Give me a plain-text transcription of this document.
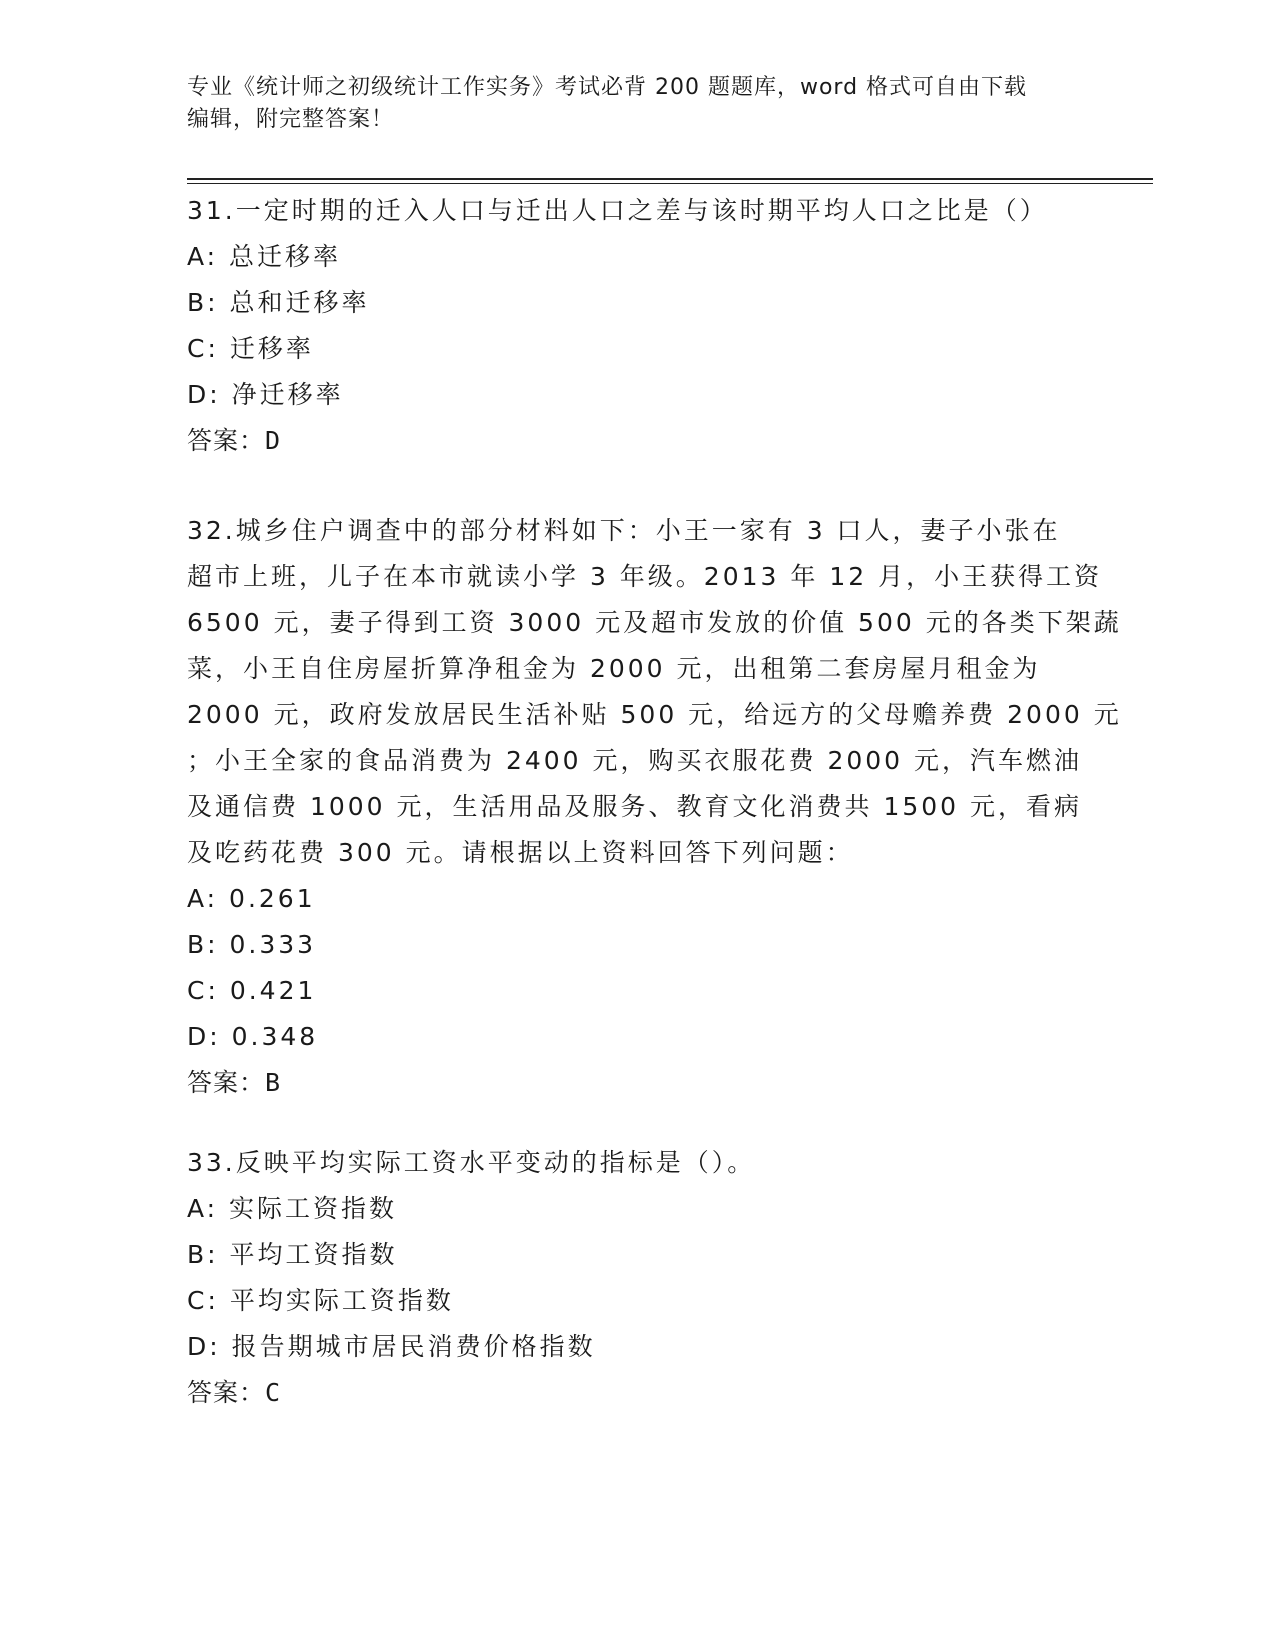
专业《统计师之初级统计工作实务》考试必背 200 题题库，word 格式可自由下载
编辑，附完整答案！
31.一定时期的迁入人口与迁出人口之差与该时期平均人口之比是（）
A: 总迁移率
B: 总和迁移率
C: 迁移率
D: 净迁移率
答案：D
32.城乡住户调查中的部分材料如下：小王一家有 3 口人，妻子小张在
超市上班，儿子在本市就读小学 3 年级。2013 年 12 月，小王获得工资
6500 元，妻子得到工资 3000 元及超市发放的价值 500 元的各类下架蔬
菜，小王自住房屋折算净租金为 2000 元，出租第二套房屋月租金为
2000 元，政府发放居民生活补贴 500 元，给远方的父母赡养费 2000 元
；小王全家的食品消费为 2400 元，购买衣服花费 2000 元，汽车燃油
及通信费 1000 元，生活用品及服务、教育文化消费共 1500 元，看病
及吃药花费 300 元。请根据以上资料回答下列问题：
A: 0.261
B: 0.333
C: 0.421
D: 0.348
答案：B
33.反映平均实际工资水平变动的指标是（）。
A: 实际工资指数
B: 平均工资指数
C: 平均实际工资指数
D: 报告期城市居民消费价格指数
答案：C
